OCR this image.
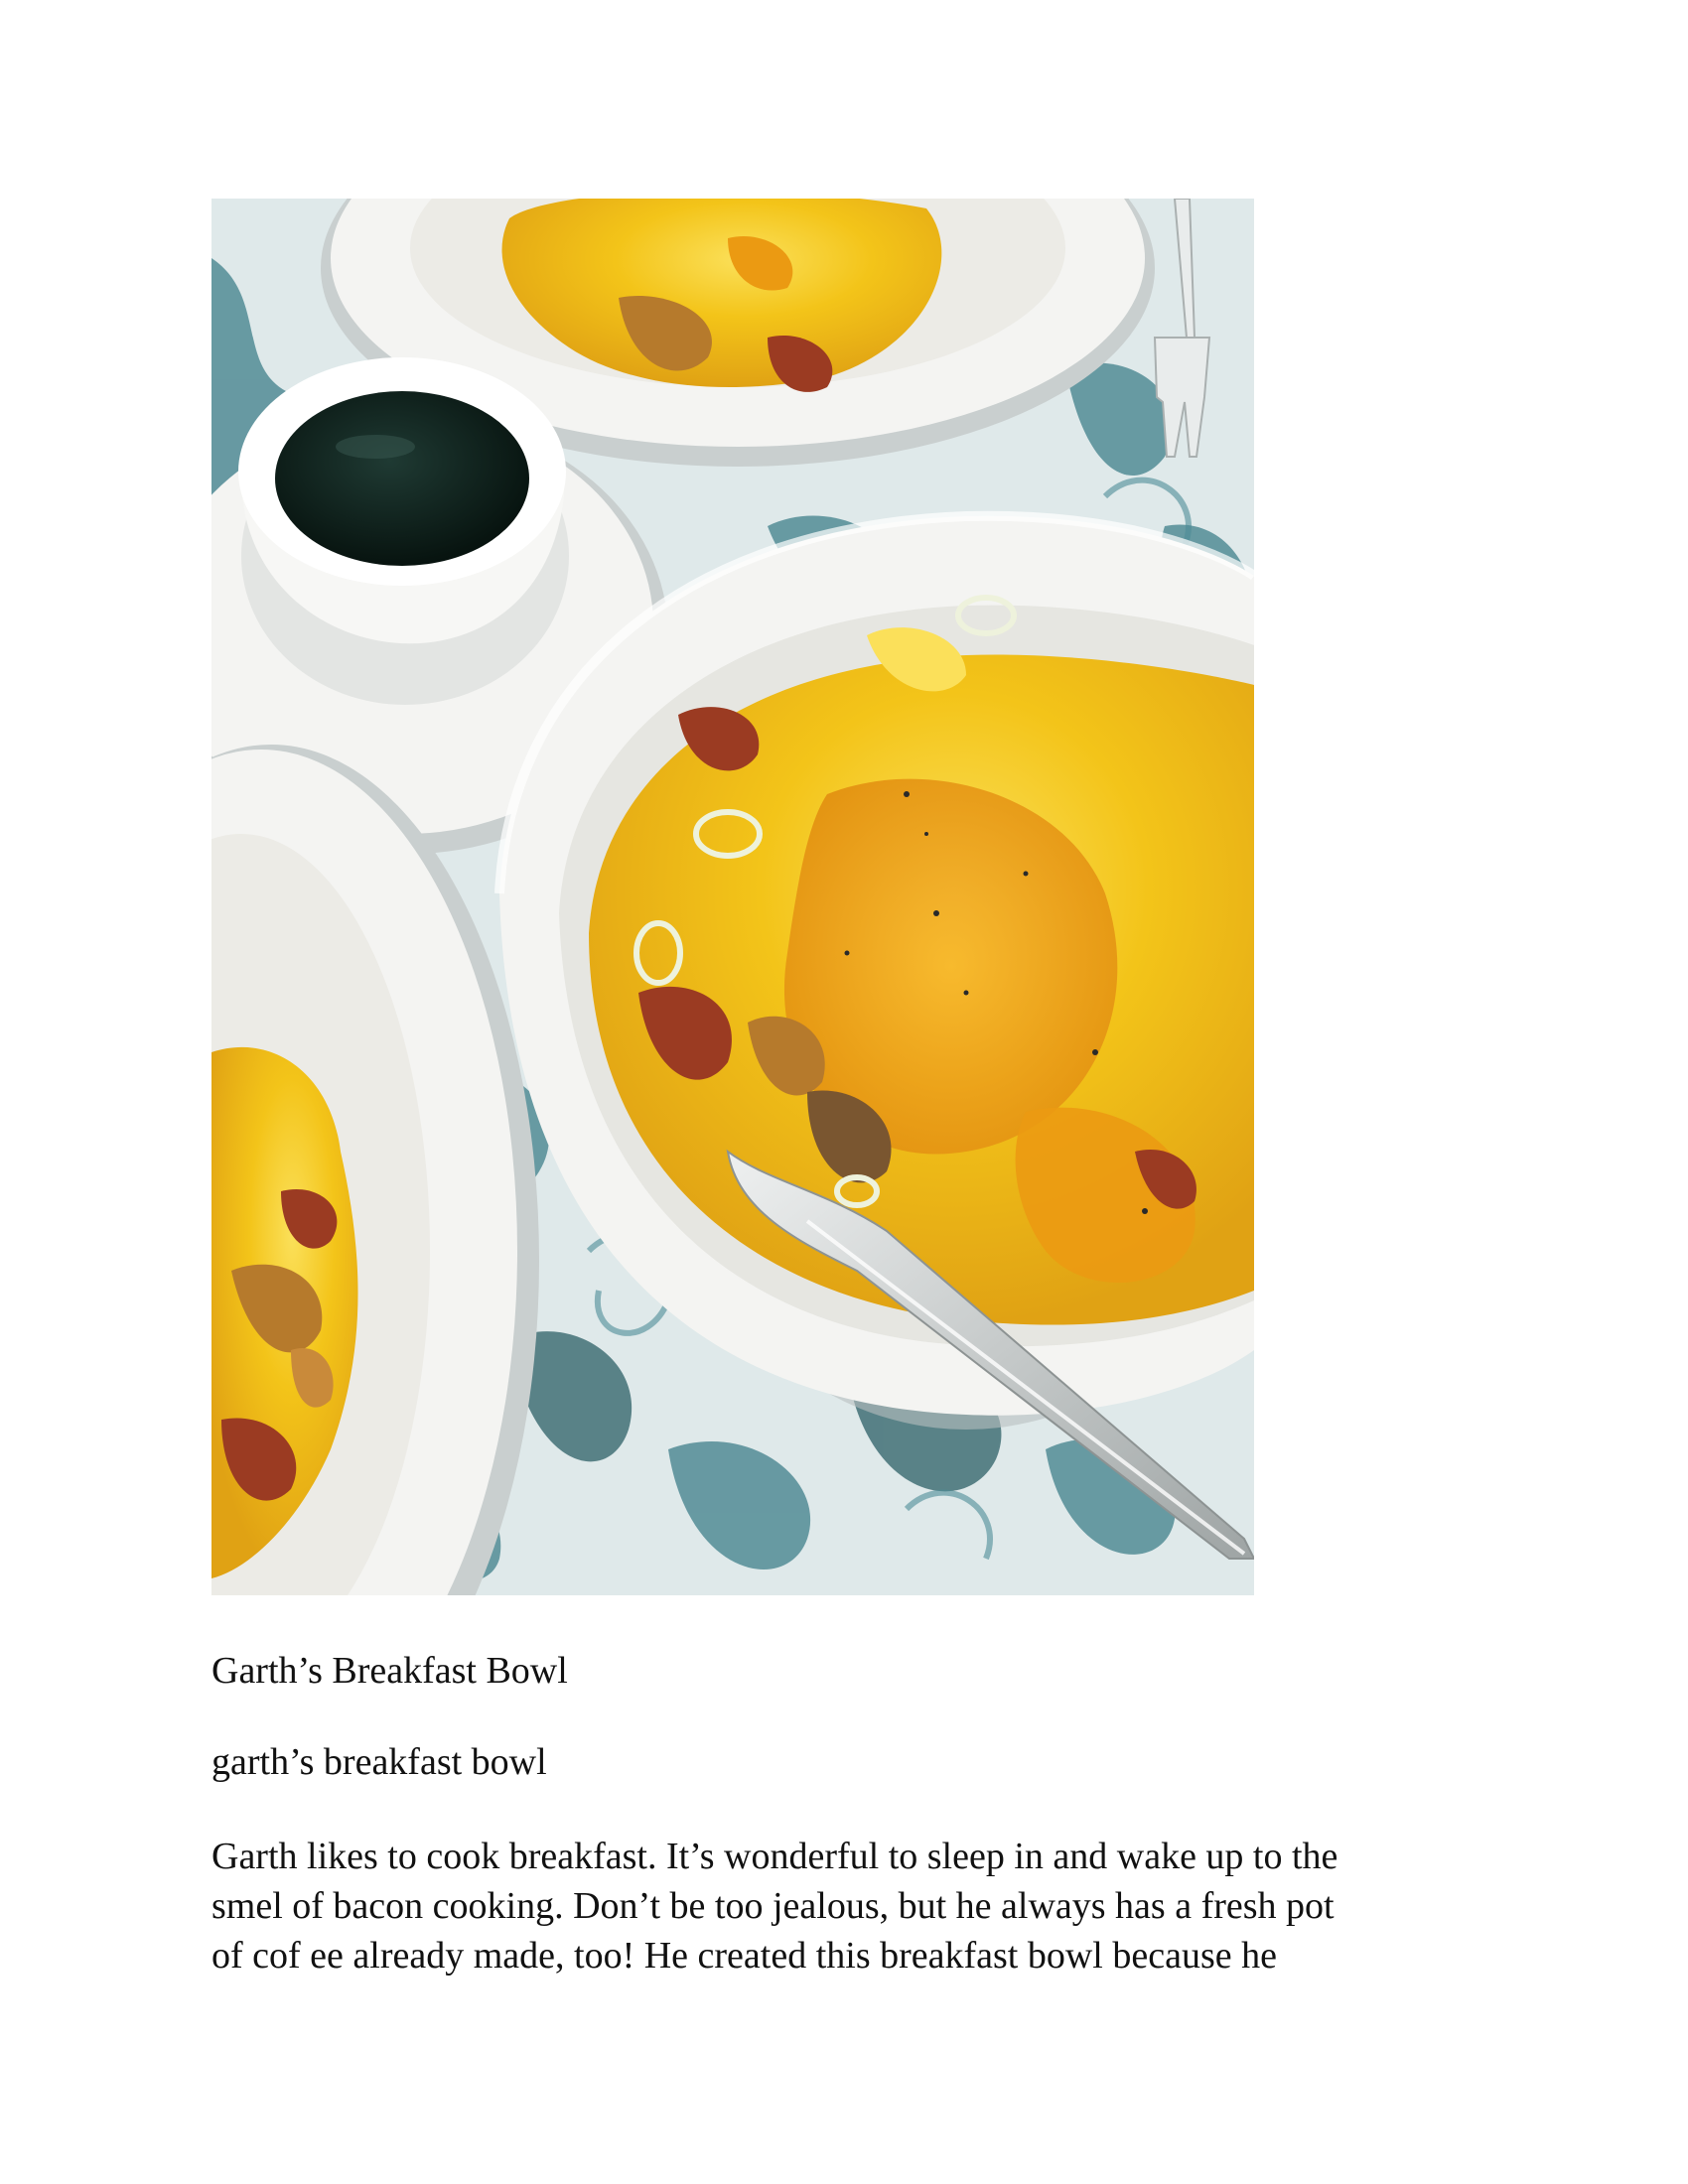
Garth’s Breakfast Bowl

garth’s breakfast bowl

Garth likes to cook breakfast. It’s wonderful to sleep in and wake up to the
smel of bacon cooking. Don’t be too jealous, but he always has a fresh pot
of cof ee already made, too! He created this breakfast bowl because he
